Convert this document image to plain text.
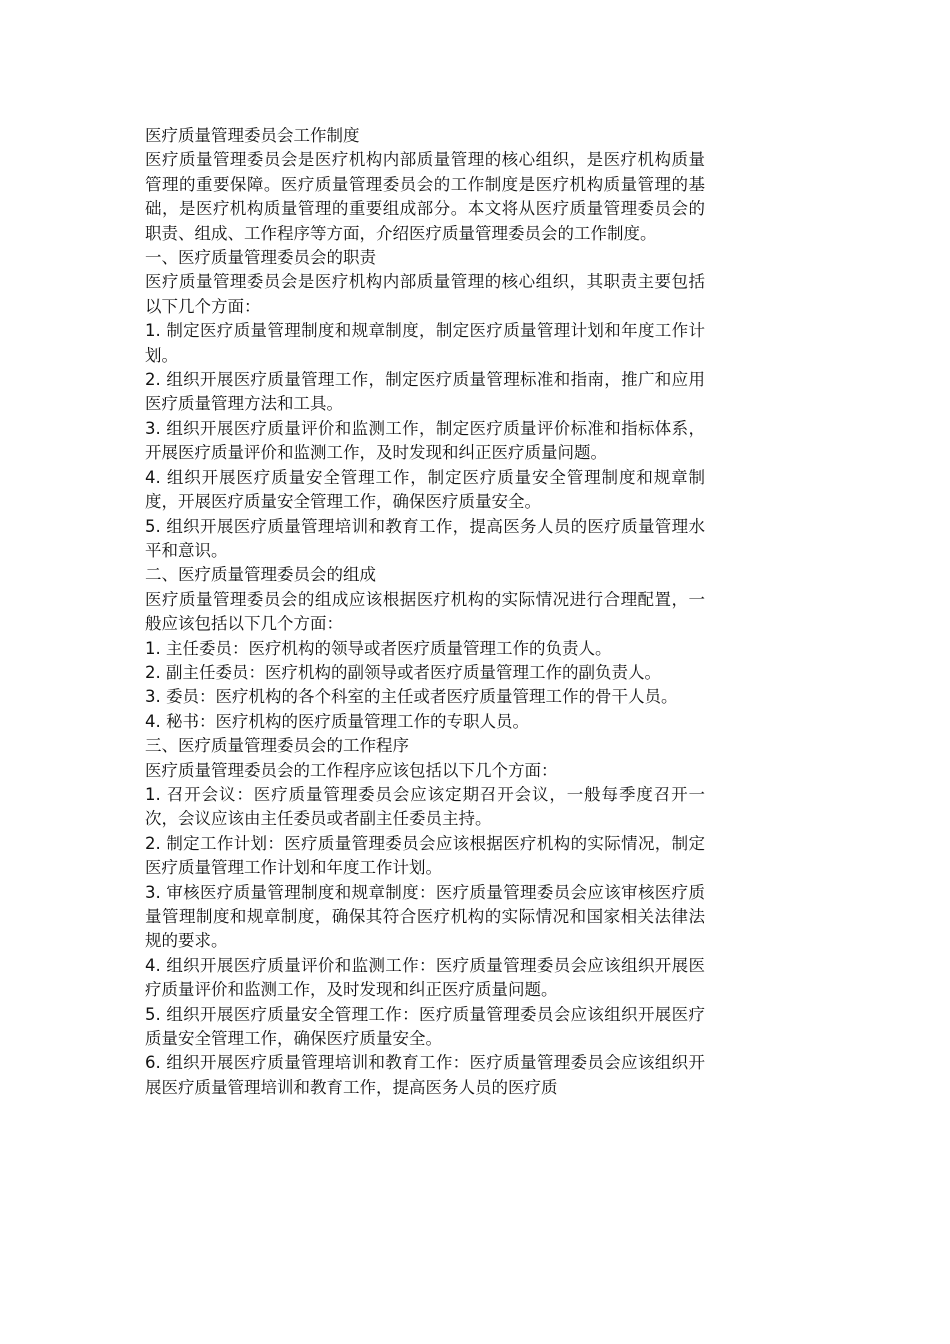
医疗质量管理委员会工作制度

医疗质量管理委员会是医疗机构内部质量管理的核心组织，是医疗机构质量管理的重要保障。医疗质量管理委员会的工作制度是医疗机构质量管理的基础，是医疗机构质量管理的重要组成部分。本文将从医疗质量管理委员会的职责、组成、工作程序等方面，介绍医疗质量管理委员会的工作制度。

一、医疗质量管理委员会的职责

医疗质量管理委员会是医疗机构内部质量管理的核心组织，其职责主要包括以下几个方面：

1. 制定医疗质量管理制度和规章制度，制定医疗质量管理计划和年度工作计划。

2. 组织开展医疗质量管理工作，制定医疗质量管理标准和指南，推广和应用医疗质量管理方法和工具。

3. 组织开展医疗质量评价和监测工作，制定医疗质量评价标准和指标体系，开展医疗质量评价和监测工作，及时发现和纠正医疗质量问题。

4. 组织开展医疗质量安全管理工作，制定医疗质量安全管理制度和规章制度，开展医疗质量安全管理工作，确保医疗质量安全。

5. 组织开展医疗质量管理培训和教育工作，提高医务人员的医疗质量管理水平和意识。

二、医疗质量管理委员会的组成

医疗质量管理委员会的组成应该根据医疗机构的实际情况进行合理配置，一般应该包括以下几个方面：

1. 主任委员：医疗机构的领导或者医疗质量管理工作的负责人。

2. 副主任委员：医疗机构的副领导或者医疗质量管理工作的副负责人。

3. 委员：医疗机构的各个科室的主任或者医疗质量管理工作的骨干人员。

4. 秘书：医疗机构的医疗质量管理工作的专职人员。

三、医疗质量管理委员会的工作程序

医疗质量管理委员会的工作程序应该包括以下几个方面：

1. 召开会议：医疗质量管理委员会应该定期召开会议，一般每季度召开一次，会议应该由主任委员或者副主任委员主持。

2. 制定工作计划：医疗质量管理委员会应该根据医疗机构的实际情况，制定医疗质量管理工作计划和年度工作计划。

3. 审核医疗质量管理制度和规章制度：医疗质量管理委员会应该审核医疗质量管理制度和规章制度，确保其符合医疗机构的实际情况和国家相关法律法规的要求。

4. 组织开展医疗质量评价和监测工作：医疗质量管理委员会应该组织开展医疗质量评价和监测工作，及时发现和纠正医疗质量问题。

5. 组织开展医疗质量安全管理工作：医疗质量管理委员会应该组织开展医疗质量安全管理工作，确保医疗质量安全。

6. 组织开展医疗质量管理培训和教育工作：医疗质量管理委员会应该组织开展医疗质量管理培训和教育工作，提高医务人员的医疗质
